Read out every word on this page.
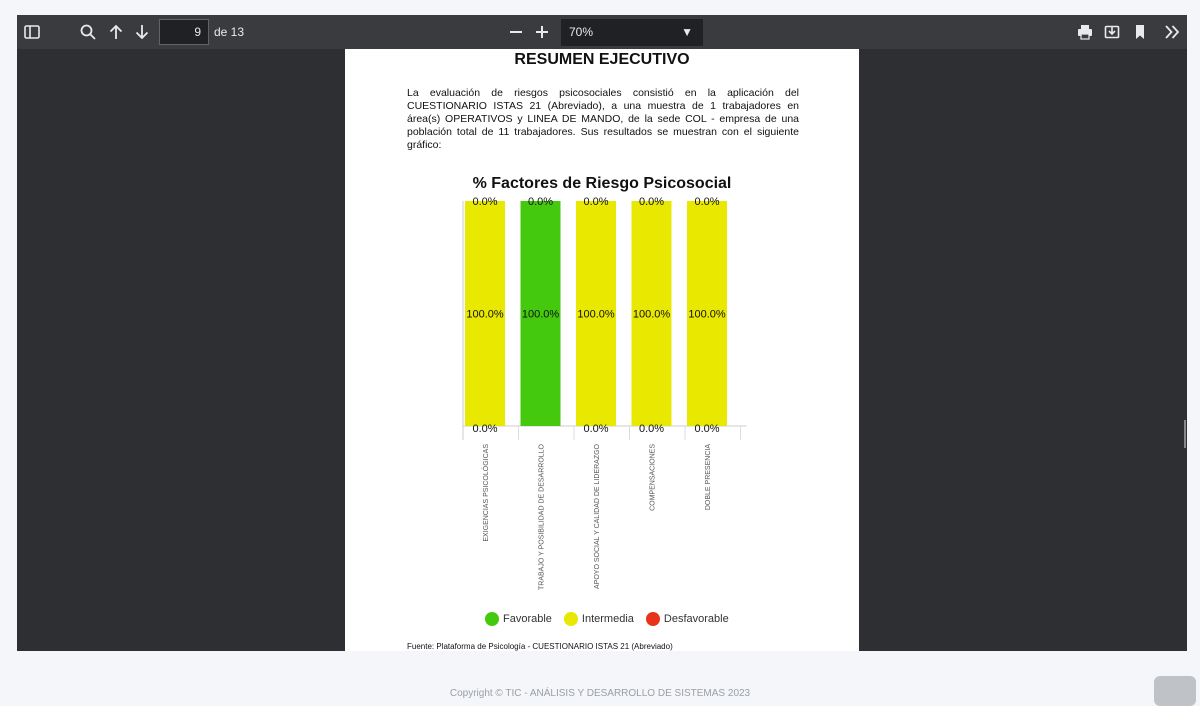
9
de 13	70%	▼
RESUMEN EJECUTIVO
La evaluación de riesgos psicosociales consistió en la aplicación del CUESTIONARIO ISTAS 21 (Abreviado), a una muestra de 1 trabajadores en área(s) OPERATIVOS y LINEA DE MANDO, de la sede COL - empresa de una población total de 11 trabajadores. Sus resultados se muestran con el siguiente gráfico:
% Factores de Riesgo Psicosocial
0.0%
100.0%
0.0%
EXIGENCIAS PSICOLÓGICAS
0.0%
100.0%
TRABAJO Y POSIBILIDAD DE DESARROLLO
0.0%
100.0%
0.0%
APOYO SOCIAL Y CALIDAD DE LIDERAZGO
0.0%
100.0%
0.0%
COMPENSACIONES
0.0%
100.0%
0.0%
DOBLE PRESENCIA
Favorable	Intermedia	Desfavorable
Fuente: Plataforma de Psicología - CUESTIONARIO ISTAS 21 (Abreviado)
Copyright © TIC - ANÁLISIS Y DESARROLLO DE SISTEMAS 2023
